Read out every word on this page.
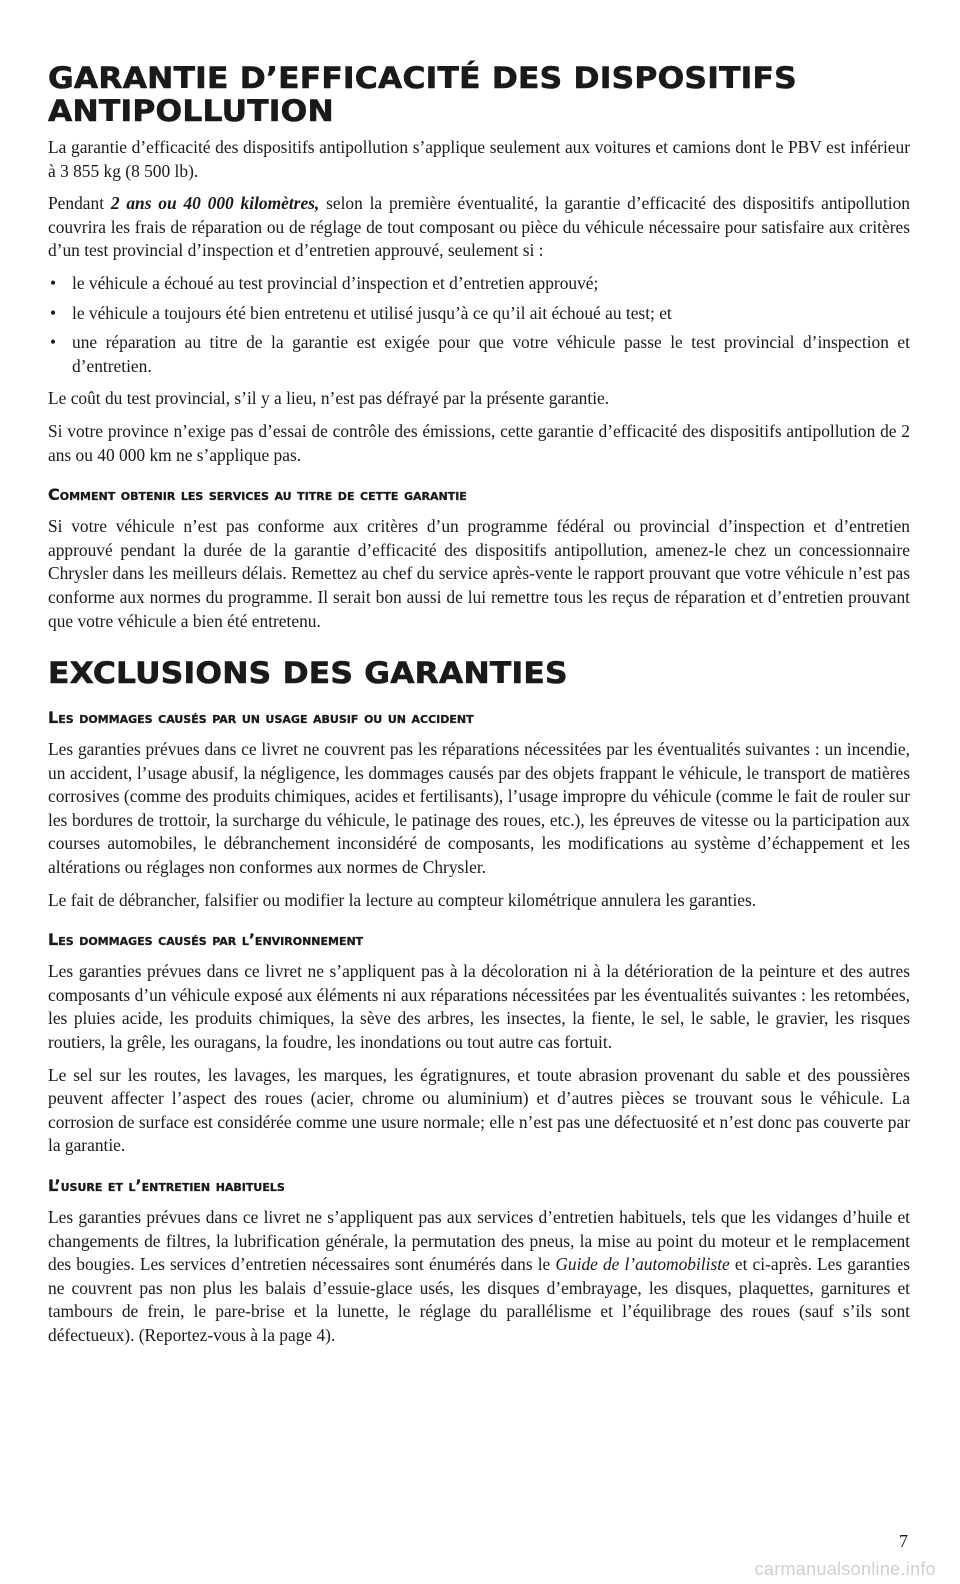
GARANTIE D’EFFICACITÉ DES DISPOSITIFS
ANTIPOLLUTION

La garantie d’efficacité des dispositifs antipollution s’applique seulement aux voitures et camions dont le PBV est inférieur à 3 855 kg (8 500 lb).

Pendant 2 ans ou 40 000 kilomètres, selon la première éventualité, la garantie d’efficacité des dispositifs antipollution couvrira les frais de réparation ou de réglage de tout composant ou pièce du véhicule nécessaire pour satisfaire aux critères d’un test provincial d’inspection et d’entretien approuvé, seulement si :

• le véhicule a échoué au test provincial d’inspection et d’entretien approuvé;
• le véhicule a toujours été bien entretenu et utilisé jusqu’à ce qu’il ait échoué au test; et
• une réparation au titre de la garantie est exigée pour que votre véhicule passe le test provincial d’inspection et d’entretien.

Le coût du test provincial, s’il y a lieu, n’est pas défrayé par la présente garantie.

Si votre province n’exige pas d’essai de contrôle des émissions, cette garantie d’efficacité des dispositifs antipollution de 2 ans ou 40 000 km ne s’applique pas.

Comment obtenir les services au titre de cette garantie

Si votre véhicule n’est pas conforme aux critères d’un programme fédéral ou provincial d’inspection et d’entretien approuvé pendant la durée de la garantie d’efficacité des dispositifs antipollution, amenez-le chez un concessionnaire Chrysler dans les meilleurs délais. Remettez au chef du service après-vente le rapport prouvant que votre véhicule n’est pas conforme aux normes du programme. Il serait bon aussi de lui remettre tous les reçus de réparation et d’entretien prouvant que votre véhicule a bien été entretenu.

EXCLUSIONS DES GARANTIES
Les dommages causés par un usage abusif ou un accident

Les garanties prévues dans ce livret ne couvrent pas les réparations nécessitées par les éventualités suivantes : un incendie, un accident, l’usage abusif, la négligence, les dommages causés par des objets frappant le véhicule, le transport de matières corrosives (comme des produits chimiques, acides et fertilisants), l’usage impropre du véhicule (comme le fait de rouler sur les bordures de trottoir, la surcharge du véhicule, le patinage des roues, etc.), les épreuves de vitesse ou la participation aux courses automobiles, le débranchement inconsidéré de composants, les modifications au système d’échappement et les altérations ou réglages non conformes aux normes de Chrysler.

Le fait de débrancher, falsifier ou modifier la lecture au compteur kilométrique annulera les garanties.

Les dommages causés par l’environnement

Les garanties prévues dans ce livret ne s’appliquent pas à la décoloration ni à la détérioration de la peinture et des autres composants d’un véhicule exposé aux éléments ni aux réparations nécessitées par les éventualités suivantes : les retombées, les pluies acide, les produits chimiques, la sève des arbres, les insectes, la fiente, le sel, le sable, le gravier, les risques routiers, la grêle, les ouragans, la foudre, les inondations ou tout autre cas fortuit.

Le sel sur les routes, les lavages, les marques, les égratignures, et toute abrasion provenant du sable et des poussières peuvent affecter l’aspect des roues (acier, chrome ou aluminium) et d’autres pièces se trouvant sous le véhicule. La corrosion de surface est considérée comme une usure normale; elle n’est pas une défectuosité et n’est donc pas couverte par la garantie.

L’usure et l’entretien habituels

Les garanties prévues dans ce livret ne s’appliquent pas aux services d’entretien habituels, tels que les vidanges d’huile et changements de filtres, la lubrification générale, la permutation des pneus, la mise au point du moteur et le remplacement des bougies. Les services d’entretien nécessaires sont énumérés dans le Guide de l’automobiliste et ci-après. Les garanties ne couvrent pas non plus les balais d’essuie-glace usés, les disques d’embrayage, les disques, plaquettes, garnitures et tambours de frein, le pare-brise et la lunette, le réglage du parallélisme et l’équilibrage des roues (sauf s’ils sont défectueux). (Reportez-vous à la page 4).

7
carmanualsonline.info
